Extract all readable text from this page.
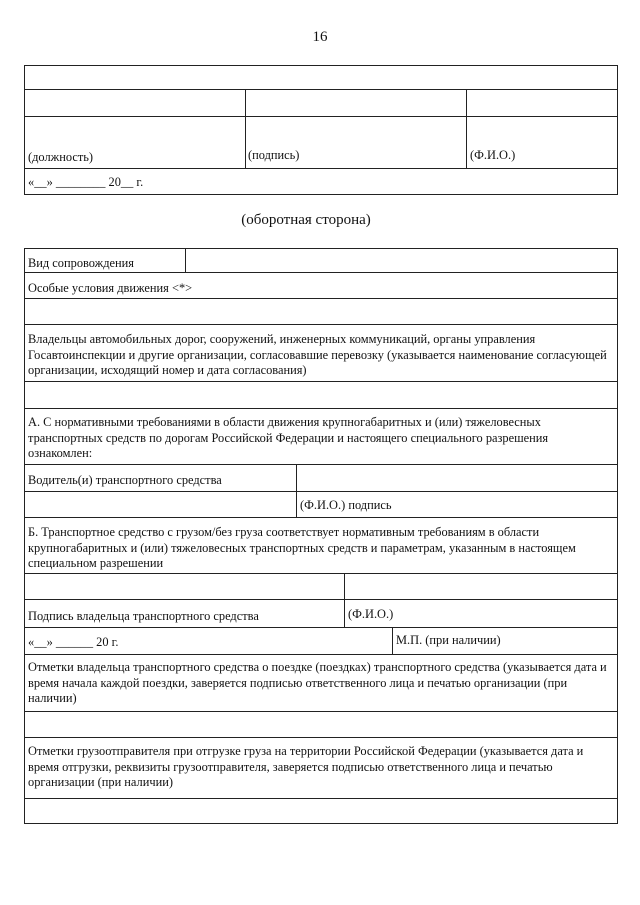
16
(должность)	(подпись)	(Ф.И.О.)
«__» ________ 20__ г.
(оборотная сторона)
Вид сопровождения
Особые условия движения <*>
Владельцы автомобильных дорог, сооружений, инженерных коммуникаций, органы управления Госавтоинспекции и другие организации, согласовавшие перевозку (указывается наименование согласующей организации, исходящий номер и дата согласования)
А. С нормативными требованиями в области движения крупногабаритных и (или) тяжеловесных транспортных средств по дорогам Российской Федерации и настоящего специального разрешения ознакомлен:
Водитель(и) транспортного средства
(Ф.И.О.) подпись
Б. Транспортное средство с грузом/без груза соответствует нормативным требованиям в области крупногабаритных и (или) тяжеловесных транспортных средств и параметрам, указанным в настоящем специальном разрешении
Подпись владельца транспортного средства	(Ф.И.О.)
«__» ______ 20 г.	М.П. (при наличии)
Отметки владельца транспортного средства о поездке (поездках) транспортного средства (указывается дата и время начала каждой поездки, заверяется подписью ответственного лица и печатью организации (при наличии)
Отметки грузоотправителя при отгрузке груза на территории Российской Федерации (указывается дата и время отгрузки, реквизиты грузоотправителя, заверяется подписью ответственного лица и печатью организации (при наличии)
